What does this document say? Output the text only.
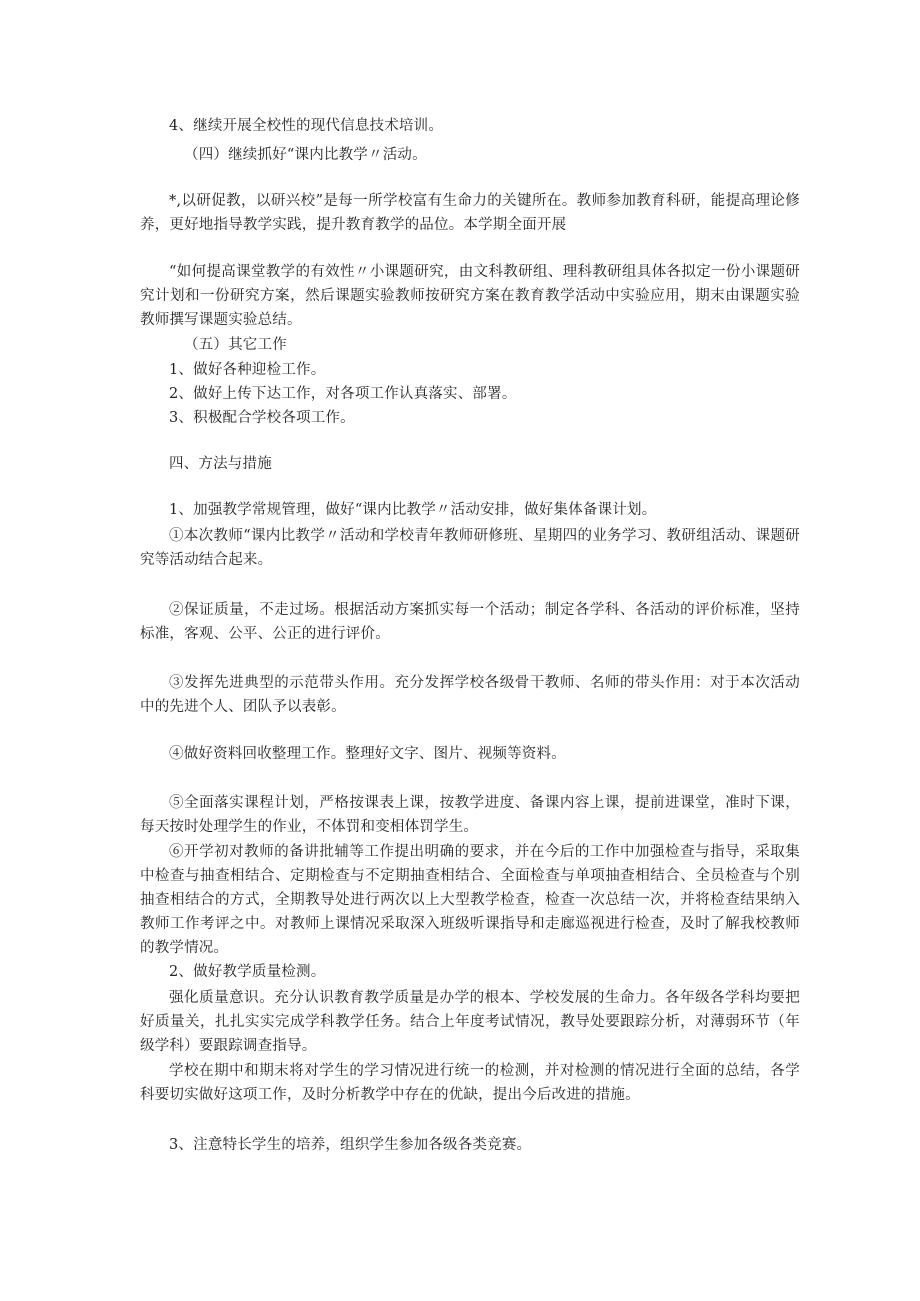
4、继续开展全校性的现代信息技术培训。

（四）继续抓好“课内比教学〃活动。

*,以研促教，以研兴校”是每一所学校富有生命力的关键所在。教师参加教育科研，能提高理论修养，更好地指导教学实践，提升教育教学的品位。本学期全面开展

“如何提高课堂教学的有效性〃小课题研究，由文科教研组、理科教研组具体各拟定一份小课题研究计划和一份研究方案，然后课题实验教师按研究方案在教育教学活动中实验应用，期末由课题实验教师撰写课题实验总结。

（五）其它工作

1、做好各种迎检工作。

2、做好上传下达工作，对各项工作认真落实、部署。

3、积极配合学校各项工作。

四、方法与措施

1、加强教学常规管理，做好“课内比教学〃活动安排，做好集体备课计划。

①本次教师“课内比教学〃活动和学校青年教师研修班、星期四的业务学习、教研组活动、课题研究等活动结合起来。

②保证质量，不走过场。根据活动方案抓实每一个活动；制定各学科、各活动的评价标准，坚持标准，客观、公平、公正的进行评价。

③发挥先进典型的示范带头作用。充分发挥学校各级骨干教师、名师的带头作用：对于本次活动中的先进个人、团队予以表彰。

④做好资料回收整理工作。整理好文字、图片、视频等资料。

⑤全面落实课程计划，严格按课表上课，按教学进度、备课内容上课，提前进课堂，准时下课，每天按时处理学生的作业，不体罚和变相体罚学生。

⑥开学初对教师的备讲批辅等工作提出明确的要求，并在今后的工作中加强检查与指导，采取集中检查与抽查相结合、定期检查与不定期抽查相结合、全面检查与单项抽查相结合、全员检查与个别抽查相结合的方式，全期教导处进行两次以上大型教学检查，检查一次总结一次，并将检查结果纳入教师工作考评之中。对教师上课情况采取深入班级听课指导和走廊巡视进行检查，及时了解我校教师的教学情况。

2、做好教学质量检测。

强化质量意识。充分认识教育教学质量是办学的根本、学校发展的生命力。各年级各学科均要把好质量关，扎扎实实完成学科教学任务。结合上年度考试情况，教导处要跟踪分析，对薄弱环节（年级学科）要跟踪调查指导。

学校在期中和期末将对学生的学习情况进行统一的检测，并对检测的情况进行全面的总结，各学科要切实做好这项工作，及时分析教学中存在的优缺，提出今后改进的措施。

3、注意特长学生的培养，组织学生参加各级各类竞赛。
